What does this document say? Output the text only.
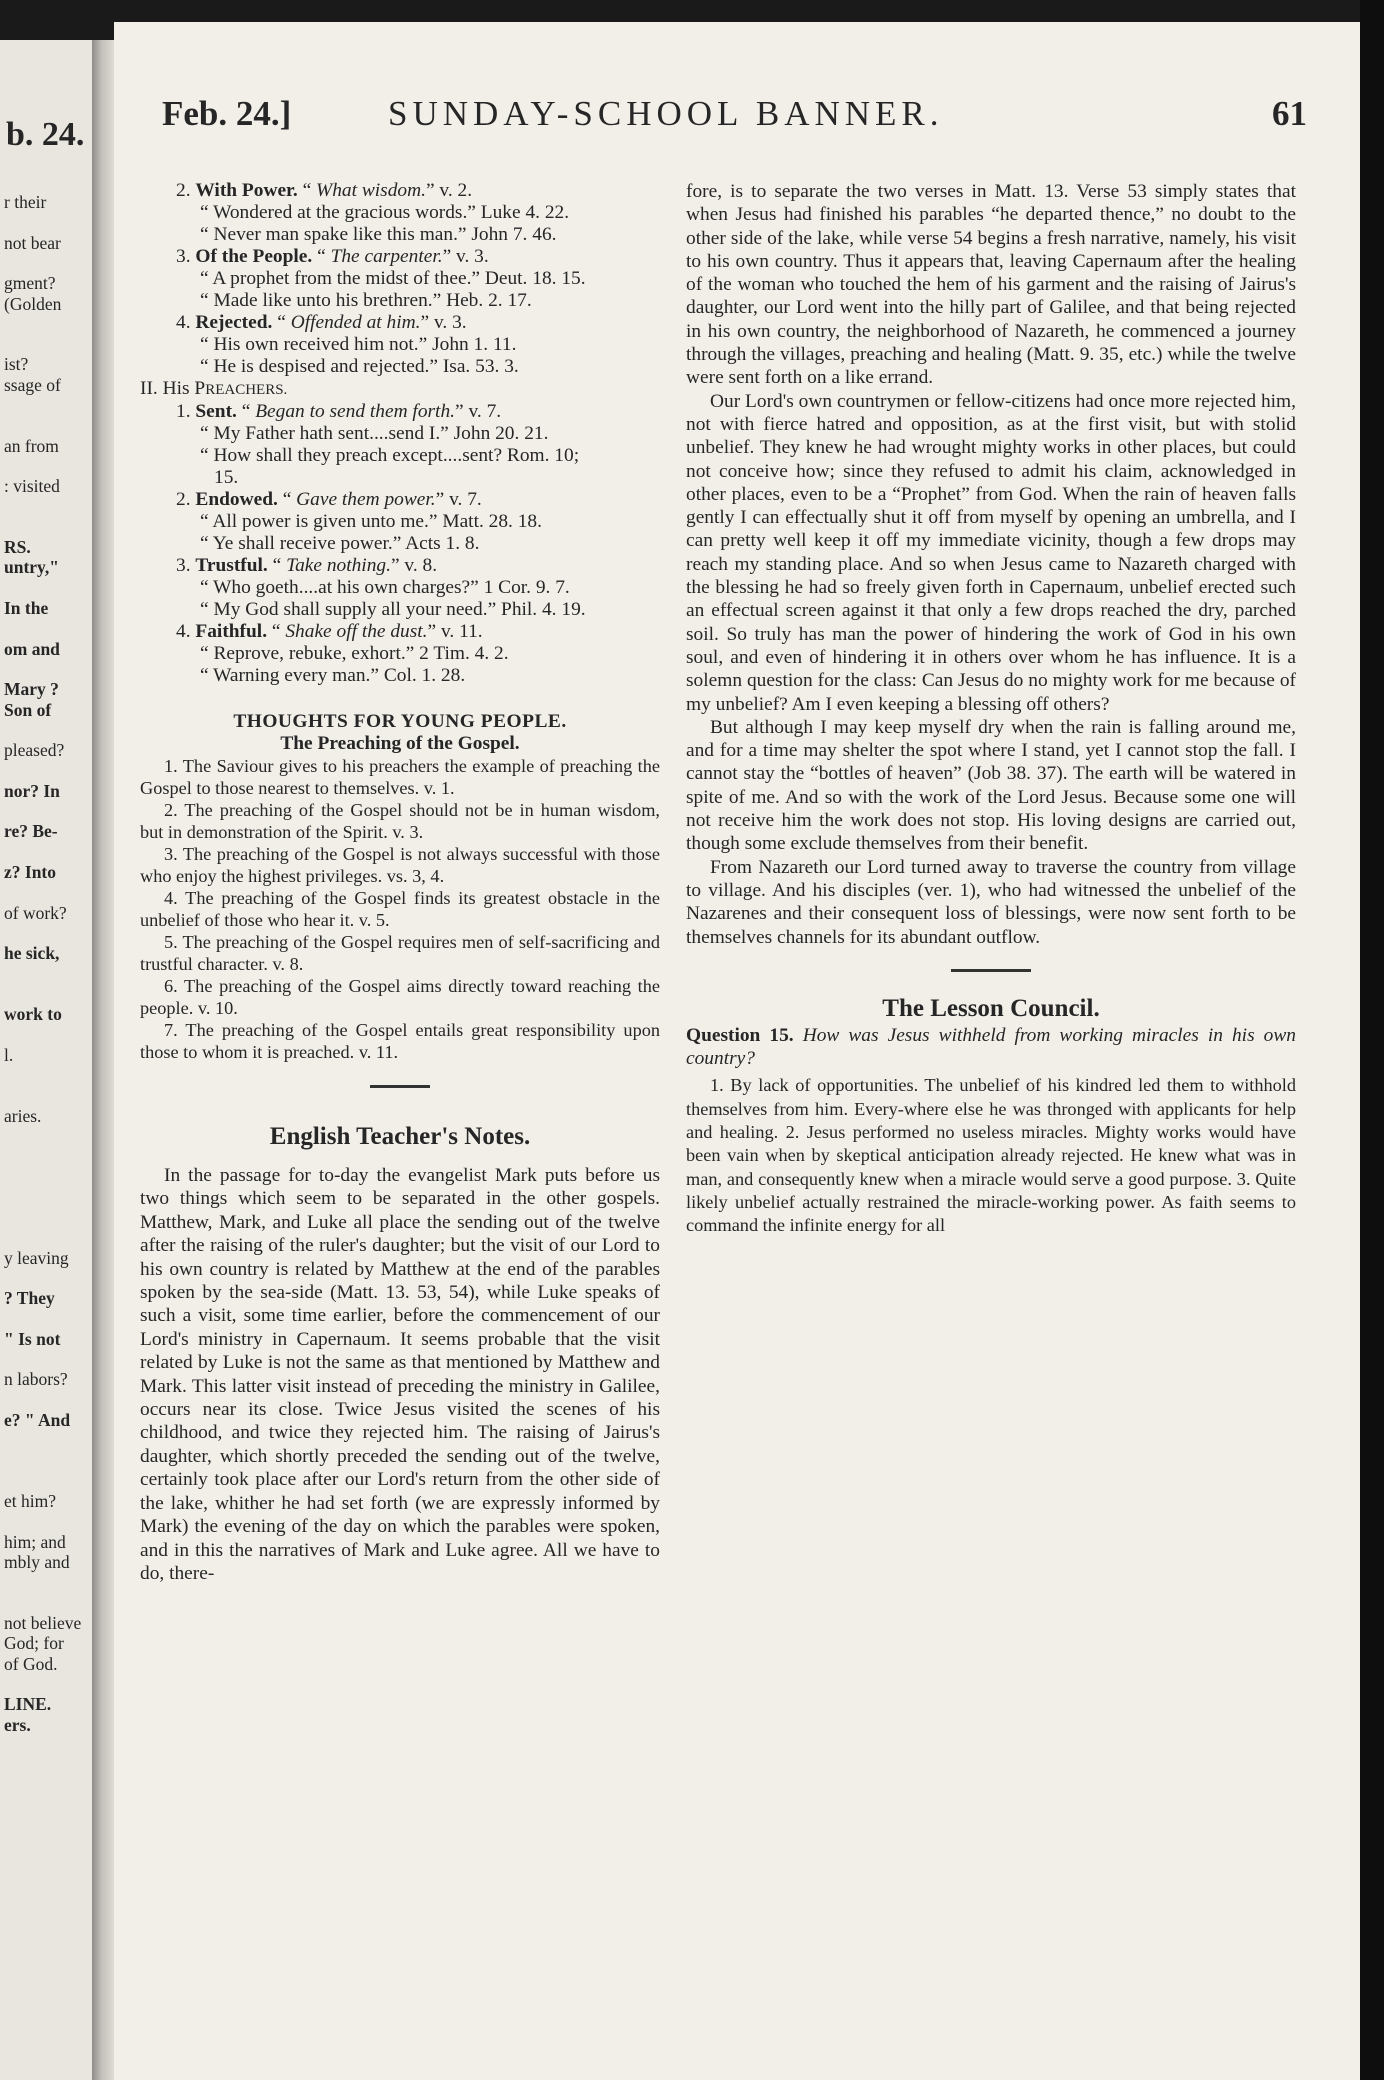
b. 24.
r their
not bear
gment?
(Golden
ist?
ssage of
an from
: visited
RS.
untry,"
In the
om and
Mary ?
Son of
pleased?
nor? In
re? Be-
z? Into
of work?
he sick,
work to
l.
aries.
y leaving
? They
" Is not
n labors?
e? " And
et him?
him; and
mbly and
not believe
God; for
of God.
LINE.
ers.
Feb. 24.]	SUNDAY-SCHOOL BANNER.	61
2. With Power. “ What wisdom.” v. 2.
“ Wondered at the gracious words.” Luke 4. 22.
“ Never man spake like this man.” John 7. 46.
3. Of the People. “ The carpenter.” v. 3.
“ A prophet from the midst of thee.” Deut. 18. 15.
“ Made like unto his brethren.” Heb. 2. 17.
4. Rejected. “ Offended at him.” v. 3.
“ His own received him not.” John 1. 11.
“ He is despised and rejected.” Isa. 53. 3.
II. His PREACHERS.
1. Sent. “ Began to send them forth.” v. 7.
“ My Father hath sent....send I.” John 20. 21.
“ How shall they preach except....sent? Rom. 10;
15.
2. Endowed. “ Gave them power.” v. 7.
“ All power is given unto me.” Matt. 28. 18.
“ Ye shall receive power.” Acts 1. 8.
3. Trustful. “ Take nothing.” v. 8.
“ Who goeth....at his own charges?” 1 Cor. 9. 7.
“ My God shall supply all your need.” Phil. 4. 19.
4. Faithful. “ Shake off the dust.” v. 11.
“ Reprove, rebuke, exhort.” 2 Tim. 4. 2.
“ Warning every man.” Col. 1. 28.
THOUGHTS FOR YOUNG PEOPLE.
The Preaching of the Gospel.

1. The Saviour gives to his preachers the example of preaching the Gospel to those nearest to themselves. v. 1.

2. The preaching of the Gospel should not be in human wisdom, but in demonstration of the Spirit. v. 3.

3. The preaching of the Gospel is not always successful with those who enjoy the highest privileges. vs. 3, 4.

4. The preaching of the Gospel finds its greatest obstacle in the unbelief of those who hear it. v. 5.

5. The preaching of the Gospel requires men of self-sacrificing and trustful character. v. 8.

6. The preaching of the Gospel aims directly toward reaching the people. v. 10.

7. The preaching of the Gospel entails great responsibility upon those to whom it is preached. v. 11.

English Teacher's Notes.

In the passage for to-day the evangelist Mark puts before us two things which seem to be separated in the other gospels. Matthew, Mark, and Luke all place the sending out of the twelve after the raising of the ruler's daughter; but the visit of our Lord to his own country is related by Matthew at the end of the parables spoken by the sea-side (Matt. 13. 53, 54), while Luke speaks of such a visit, some time earlier, before the commencement of our Lord's ministry in Capernaum. It seems probable that the visit related by Luke is not the same as that mentioned by Matthew and Mark. This latter visit instead of preceding the ministry in Galilee, occurs near its close. Twice Jesus visited the scenes of his childhood, and twice they rejected him. The raising of Jairus's daughter, which shortly preceded the sending out of the twelve, certainly took place after our Lord's return from the other side of the lake, whither he had set forth (we are expressly informed by Mark) the evening of the day on which the parables were spoken, and in this the narratives of Mark and Luke agree. All we have to do, there-

fore, is to separate the two verses in Matt. 13. Verse 53 simply states that when Jesus had finished his parables “he departed thence,” no doubt to the other side of the lake, while verse 54 begins a fresh narrative, namely, his visit to his own country. Thus it appears that, leaving Capernaum after the healing of the woman who touched the hem of his garment and the raising of Jairus's daughter, our Lord went into the hilly part of Galilee, and that being rejected in his own country, the neighborhood of Nazareth, he commenced a journey through the villages, preaching and healing (Matt. 9. 35, etc.) while the twelve were sent forth on a like errand.

Our Lord's own countrymen or fellow-citizens had once more rejected him, not with fierce hatred and opposition, as at the first visit, but with stolid unbelief. They knew he had wrought mighty works in other places, but could not conceive how; since they refused to admit his claim, acknowledged in other places, even to be a “Prophet” from God. When the rain of heaven falls gently I can effectually shut it off from myself by opening an umbrella, and I can pretty well keep it off my immediate vicinity, though a few drops may reach my standing place. And so when Jesus came to Nazareth charged with the blessing he had so freely given forth in Capernaum, unbelief erected such an effectual screen against it that only a few drops reached the dry, parched soil. So truly has man the power of hindering the work of God in his own soul, and even of hindering it in others over whom he has influence. It is a solemn question for the class: Can Jesus do no mighty work for me because of my unbelief? Am I even keeping a blessing off others?

But although I may keep myself dry when the rain is falling around me, and for a time may shelter the spot where I stand, yet I cannot stop the fall. I cannot stay the “bottles of heaven” (Job 38. 37). The earth will be watered in spite of me. And so with the work of the Lord Jesus. Because some one will not receive him the work does not stop. His loving designs are carried out, though some exclude themselves from their benefit.

From Nazareth our Lord turned away to traverse the country from village to village. And his disciples (ver. 1), who had witnessed the unbelief of the Nazarenes and their consequent loss of blessings, were now sent forth to be themselves channels for its abundant outflow.

The Lesson Council.

Question 15. How was Jesus withheld from working miracles in his own country?

1. By lack of opportunities. The unbelief of his kindred led them to withhold themselves from him. Every-where else he was thronged with applicants for help and healing. 2. Jesus performed no useless miracles. Mighty works would have been vain when by skeptical anticipation already rejected. He knew what was in man, and consequently knew when a miracle would serve a good purpose. 3. Quite likely unbelief actually restrained the miracle-working power. As faith seems to command the infinite energy for all
